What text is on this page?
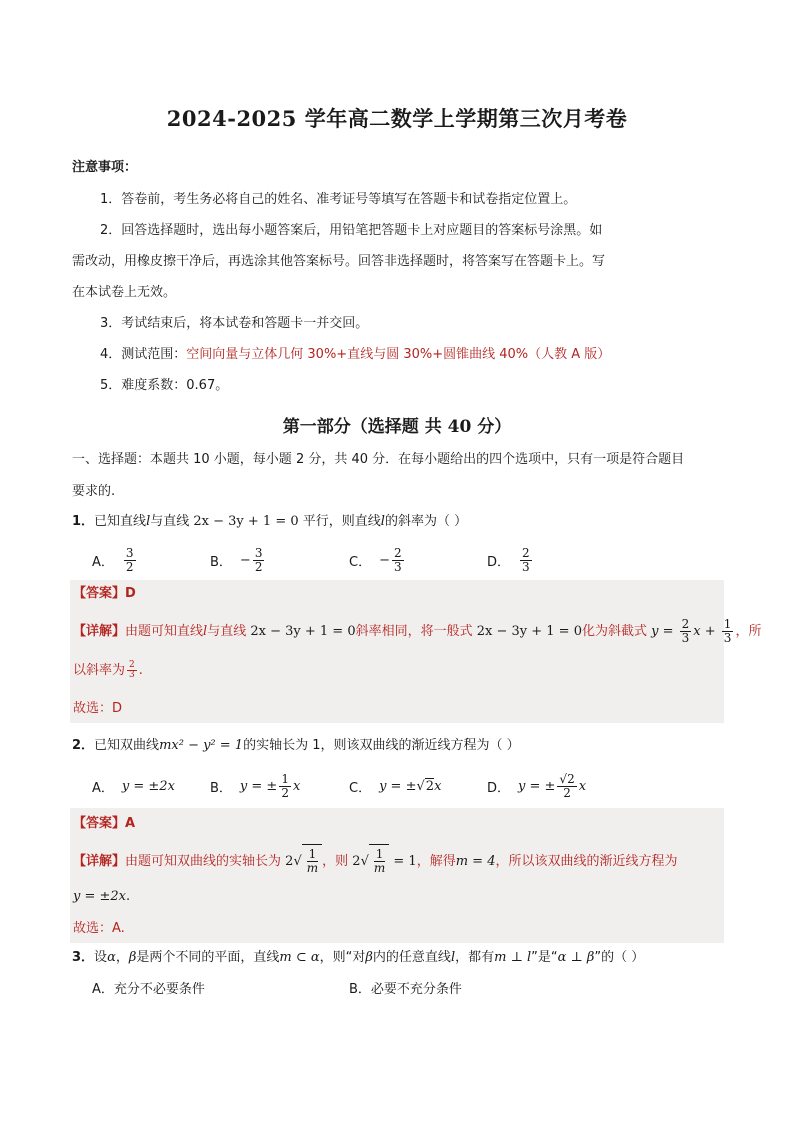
2024-2025 学年高二数学上学期第三次月考卷
注意事项：
1．答卷前，考生务必将自己的姓名、准考证号等填写在答题卡和试卷指定位置上。
2．回答选择题时，选出每小题答案后，用铅笔把答题卡上对应题目的答案标号涂黑。如
需改动，用橡皮擦干净后，再选涂其他答案标号。回答非选择题时，将答案写在答题卡上。写
在本试卷上无效。
3．考试结束后，将本试卷和答题卡一并交回。
4．测试范围：空间向量与立体几何 30%+直线与圆 30%+圆锥曲线 40%（人教 A 版）
5．难度系数：0.67。
第一部分（选择题 共 40 分）
一、选择题：本题共 10 小题，每小题 2 分，共 40 分．在每小题给出的四个选项中，只有一项是符合题目
要求的.
1．已知直线l与直线 2x − 3y + 1 = 0 平行，则直线l的斜率为（ ）
A． $\frac{3}{2}$	B． − $\frac{3}{2}$	C． − $\frac{2}{3}$	D． $\frac{2}{3}$
【答案】D
【详解】由题可知直线l与直线 2x − 3y + 1 = 0斜率相同，将一般式 2x − 3y + 1 = 0化为斜截式 $y = \frac{2}{3}$ $x + \frac{1}{3}$ ，所
以斜率为 $\frac{2}{3}$ .
故选：D
2．已知双曲线mx² − y² = 1的实轴长为 1，则该双曲线的渐近线方程为（ ）
A． y = ±2x	B． y = ± $\frac{1}{2}$ x	C． y = ± √ 2 x	D． y = ± $\frac{√2}{2}$ x
【答案】A
【详解】由题可知双曲线的实轴长为 $2√ \frac{1}{m}$ ，则 $2√ \frac{1}{m} = 1$，解得m = 4，所以该双曲线的渐近线方程为
y = ±2x.
故选：A.
3．设α，β是两个不同的平面，直线m ⊂ α，则“对β内的任意直线l，都有m ⊥ l”是“α ⊥ β”的（ ）
A．充分不必要条件	B．必要不充分条件
